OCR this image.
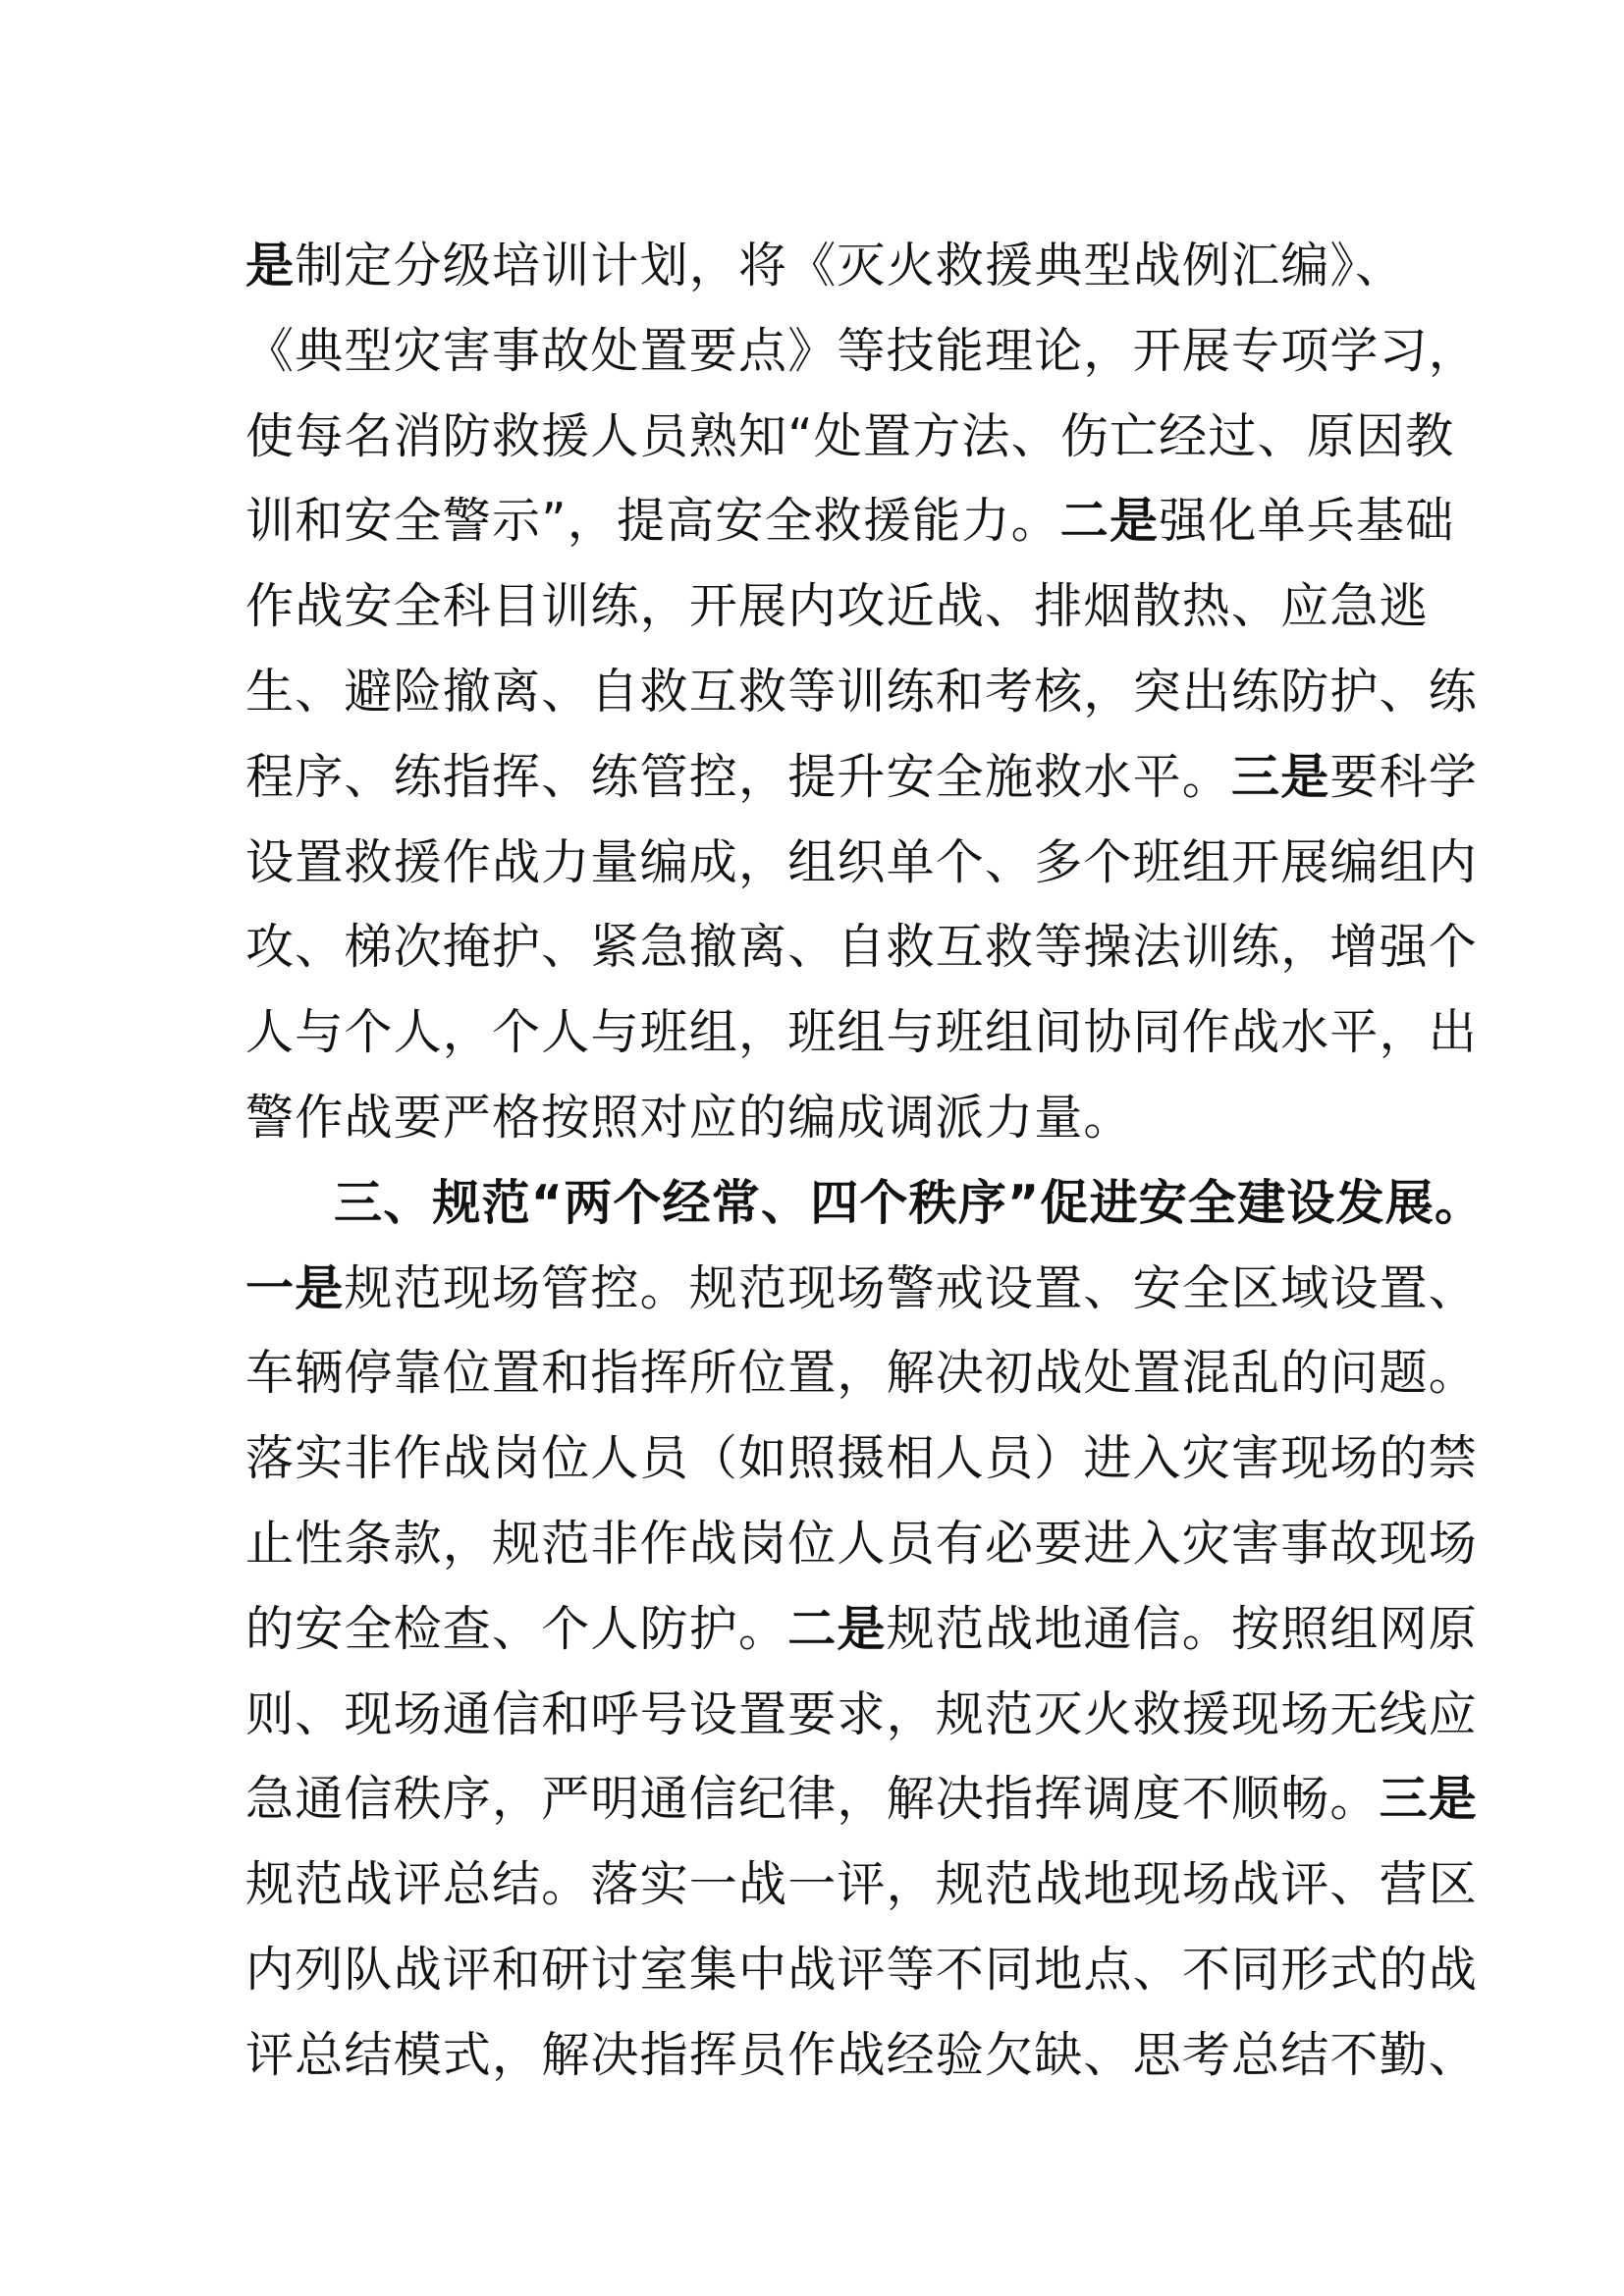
是制定分级培训计划，将《灭火救援典型战例汇编》、
《典型灾害事故处置要点》等技能理论，开展专项学习，
使每名消防救援人员熟知“处置方法、伤亡经过、原因教
训和安全警示”，提高安全救援能力。二是强化单兵基础
作战安全科目训练，开展内攻近战、排烟散热、应急逃
生、避险撤离、自救互救等训练和考核，突出练防护、练
程序、练指挥、练管控，提升安全施救水平。三是要科学
设置救援作战力量编成，组织单个、多个班组开展编组内
攻、梯次掩护、紧急撤离、自救互救等操法训练，增强个
人与个人，个人与班组，班组与班组间协同作战水平，出
警作战要严格按照对应的编成调派力量。
三、规范“两个经常、四个秩序”促进安全建设发展。
一是规范现场管控。规范现场警戒设置、安全区域设置、
车辆停靠位置和指挥所位置，解决初战处置混乱的问题。
落实非作战岗位人员（如照摄相人员）进入灾害现场的禁
止性条款，规范非作战岗位人员有必要进入灾害事故现场
的安全检查、个人防护。二是规范战地通信。按照组网原
则、现场通信和呼号设置要求，规范灭火救援现场无线应
急通信秩序，严明通信纪律，解决指挥调度不顺畅。三是
规范战评总结。落实一战一评，规范战地现场战评、营区
内列队战评和研讨室集中战评等不同地点、不同形式的战
评总结模式，解决指挥员作战经验欠缺、思考总结不勤、
